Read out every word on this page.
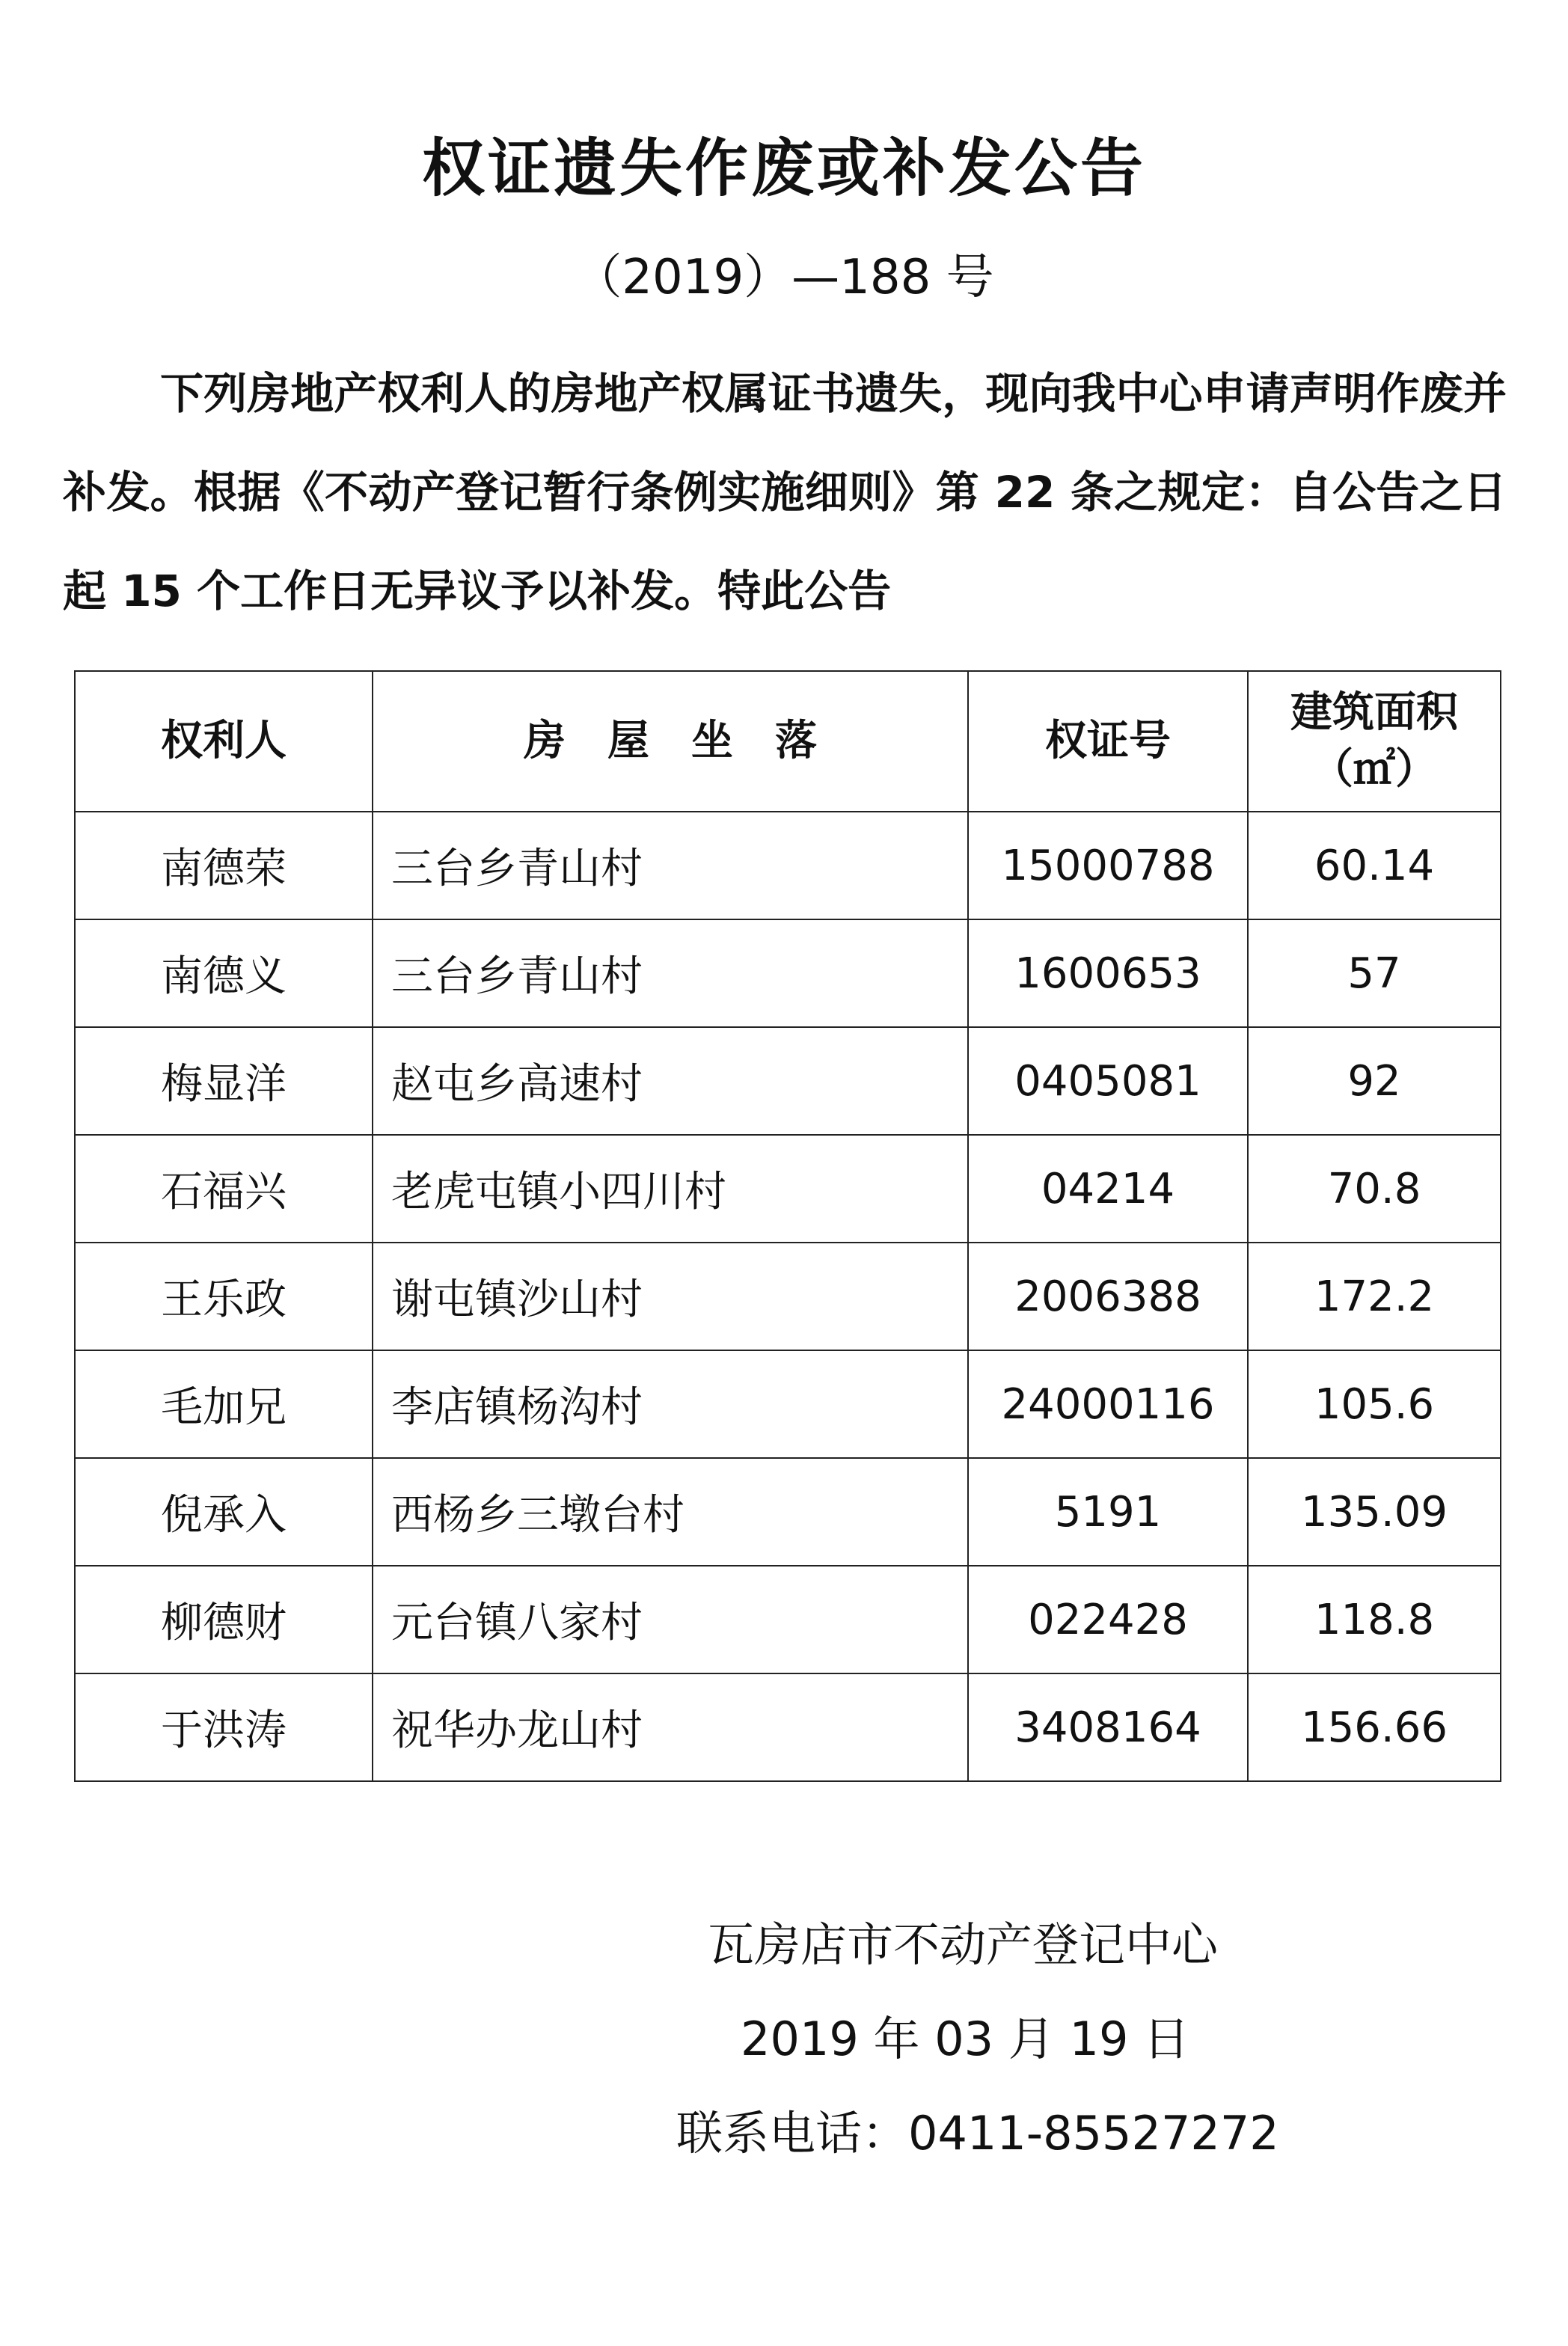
权证遗失作废或补发公告
（2019）—188 号
下列房地产权利人的房地产权属证书遗失，现向我中心申请声明作废并补发。根据《不动产登记暂行条例实施细则》第 22 条之规定：自公告之日起 15 个工作日无异议予以补发。特此公告
权利人	房　屋　坐　落	权证号	建筑面积
（㎡）
南德荣	三台乡青山村	15000788	60.14
南德义	三台乡青山村	1600653	57
梅显洋	赵屯乡高速村	0405081	92
石福兴	老虎屯镇小四川村	04214	70.8
王乐政	谢屯镇沙山村	2006388	172.2
毛加兄	李店镇杨沟村	24000116	105.6
倪承入	西杨乡三墩台村	5191	135.09
柳德财	元台镇八家村	022428	118.8
于洪涛	祝华办龙山村	3408164	156.66
瓦房店市不动产登记中心
2019 年 03 月 19 日
联系电话：0411-85527272
